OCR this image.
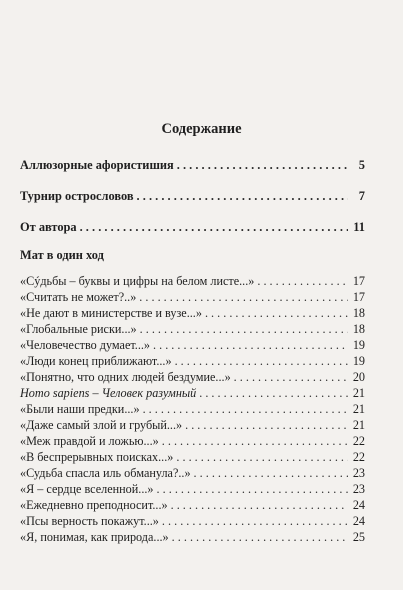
Содержание
Аллюзорные афористишия . . .	5
Турнир острословов . . .	7
От автора . . .	11
Мат в один ход
«Сýдьбы – буквы и цифры на белом листе...» . . .	17
«Считать не может?..» . . .	17
«Не дают в министерстве и вузе...» . . .	18
«Глобальные риски...» . . .	18
«Человечество думает...» . . .	19
«Люди конец приближают...» . . .	19
«Понятно, что одних людей бездумие...» . . .	20
Homo sapiens – Человек разумный . . .	21
«Были наши предки...» . . .	21
«Даже самый злой и грубый...» . . .	21
«Меж правдой и ложью...» . . .	22
«В беспрерывных поисках...» . . .	22
«Судьба спасла иль обманула?..» . . .	23
«Я – сердце вселенной...» . . .	23
«Ежедневно преподносит...» . . .	24
«Псы верность покажут...» . . .	24
«Я, понимая, как природа...» . . .	25
